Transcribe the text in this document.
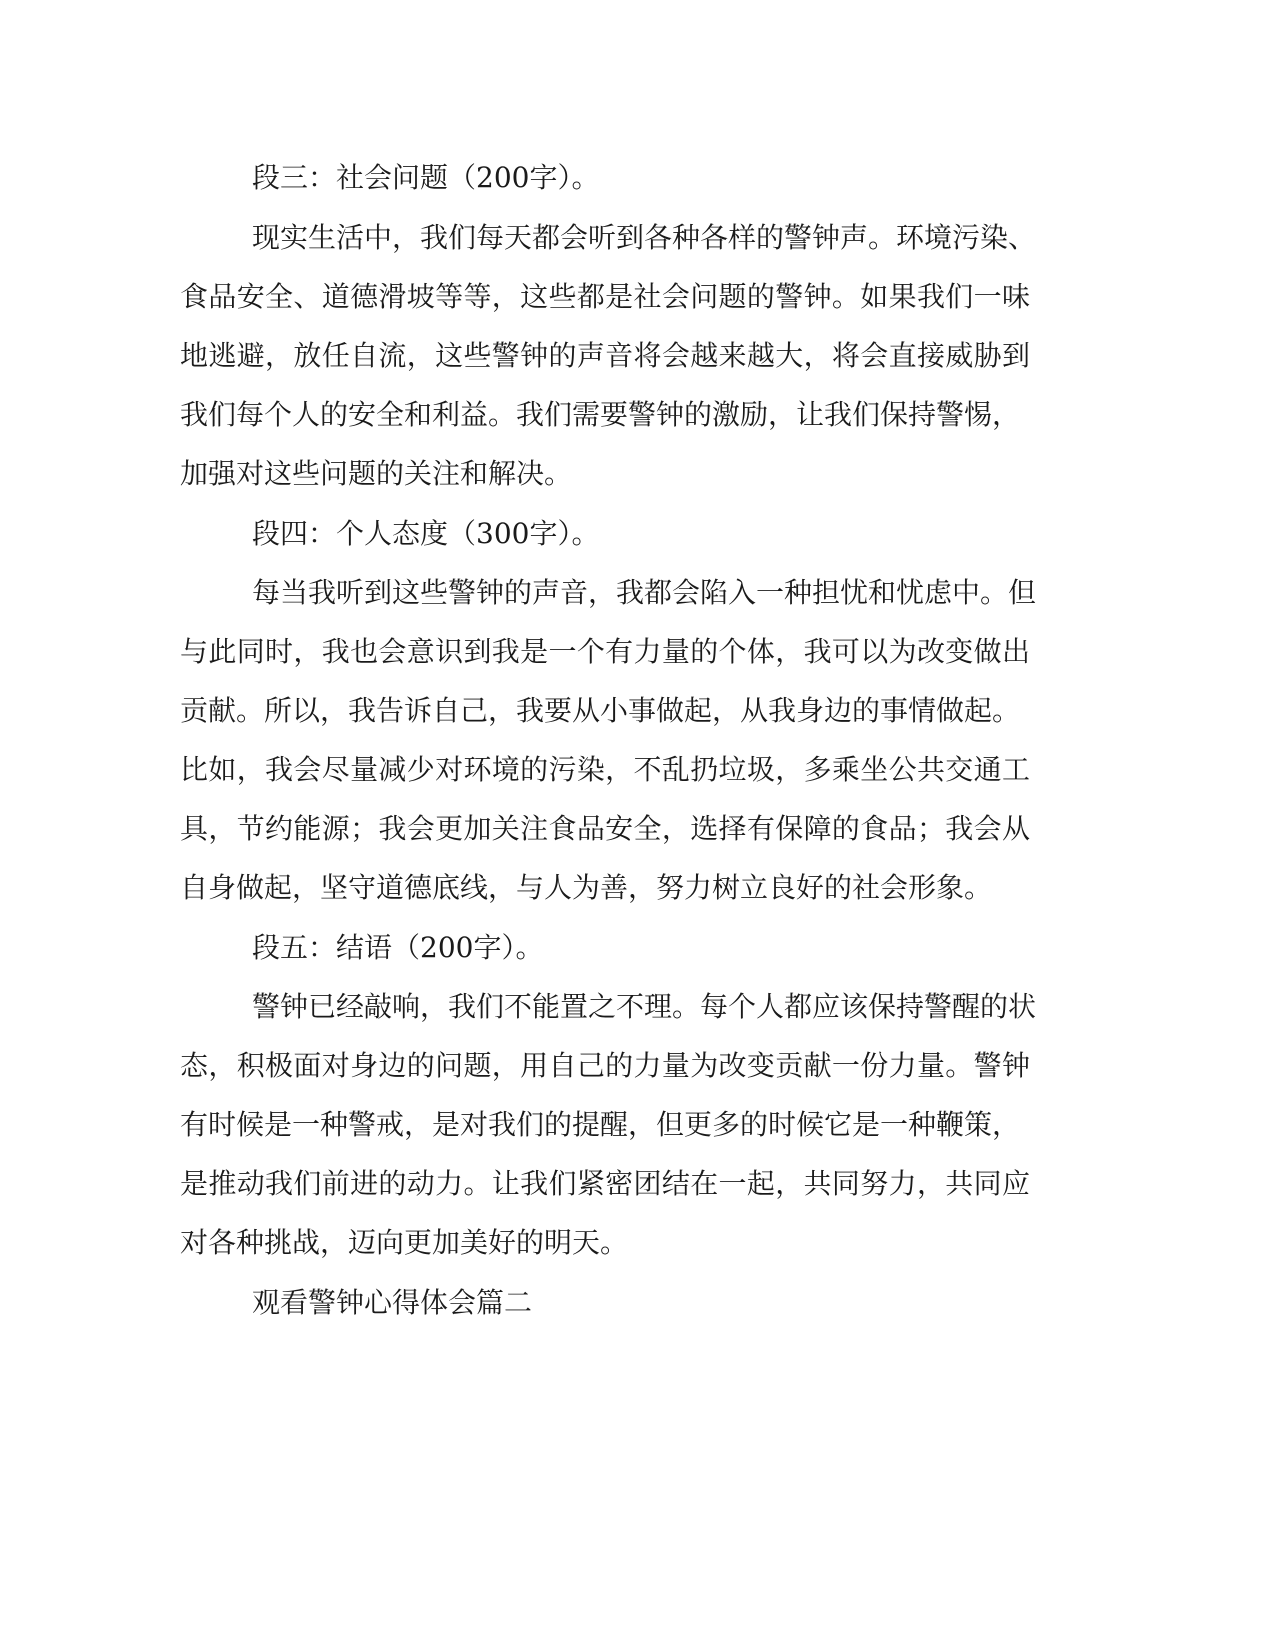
段三：社会问题（200字）。
现实生活中，我们每天都会听到各种各样的警钟声。环境污染、
食品安全、道德滑坡等等，这些都是社会问题的警钟。如果我们一味
地逃避，放任自流，这些警钟的声音将会越来越大，将会直接威胁到
我们每个人的安全和利益。我们需要警钟的激励，让我们保持警惕，
加强对这些问题的关注和解决。
段四：个人态度（300字）。
每当我听到这些警钟的声音，我都会陷入一种担忧和忧虑中。但
与此同时，我也会意识到我是一个有力量的个体，我可以为改变做出
贡献。所以，我告诉自己，我要从小事做起，从我身边的事情做起。
比如，我会尽量减少对环境的污染，不乱扔垃圾，多乘坐公共交通工
具，节约能源；我会更加关注食品安全，选择有保障的食品；我会从
自身做起，坚守道德底线，与人为善，努力树立良好的社会形象。
段五：结语（200字）。
警钟已经敲响，我们不能置之不理。每个人都应该保持警醒的状
态，积极面对身边的问题，用自己的力量为改变贡献一份力量。警钟
有时候是一种警戒，是对我们的提醒，但更多的时候它是一种鞭策，
是推动我们前进的动力。让我们紧密团结在一起，共同努力，共同应
对各种挑战，迈向更加美好的明天。
观看警钟心得体会篇二
